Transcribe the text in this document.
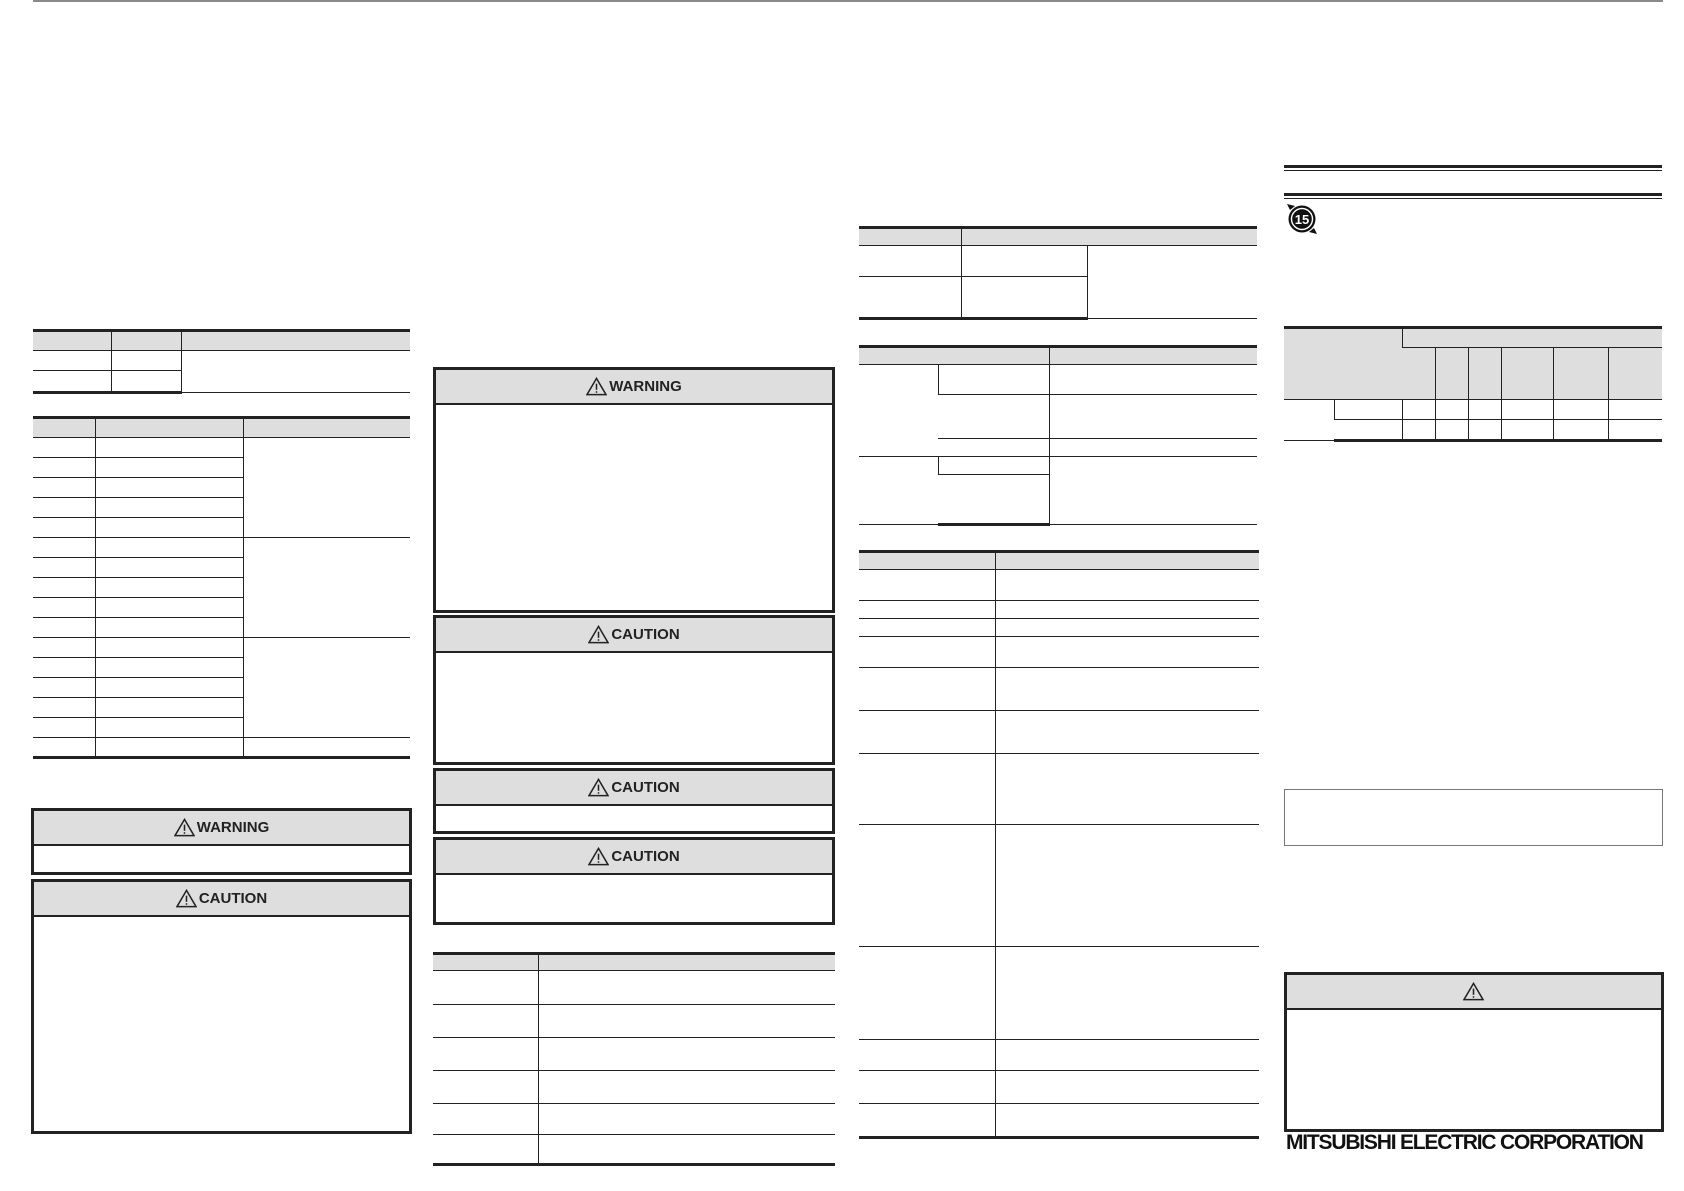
WARNING
CAUTION
WARNING
CAUTION
CAUTION
CAUTION

15

MITSUBISHI ELECTRIC CORPORATION
